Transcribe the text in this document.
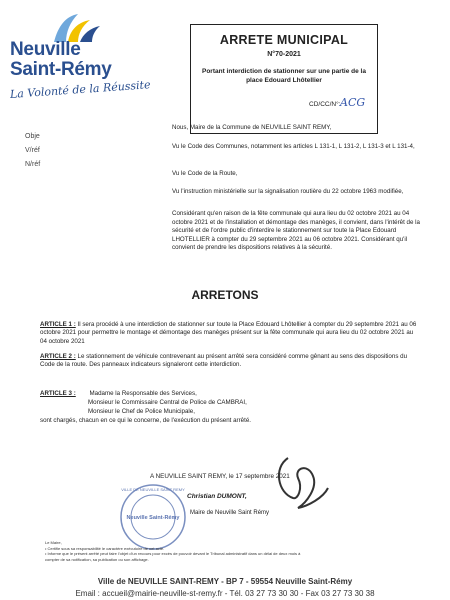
Neuville
Saint-Rémy
La Volonté de la Réussite
ARRETE MUNICIPAL
N°70-2021
Portant interdiction de stationner sur une partie de la place Edouard Lhôtellier
CD/CC/N°: ACG
Obje
V/réf
N/réf
Nous, Maire de la Commune de NEUVILLE SAINT REMY,
Vu le Code des Communes, notamment les articles L 131-1, L 131-2, L 131-3 et L 131-4,
Vu le Code de la Route,
Vu l'instruction ministérielle sur la signalisation routière du 22 octobre 1963 modifiée,
Considérant qu'en raison de la fête communale qui aura lieu du 02 octobre 2021 au 04 octobre 2021 et de l'installation et démontage des manèges, il convient, dans l'intérêt de la sécurité et de l'ordre public d'interdire le stationnement sur toute la Place Edouard LHOTELLIER à compter du 29 septembre 2021 au 06 octobre 2021. Considérant qu'il convient de prendre les dispositions relatives à la sécurité.
ARRETONS
ARTICLE 1 : Il sera procédé à une interdiction de stationner sur toute la Place Edouard Lhôtellier à compter du 29 septembre 2021 au 06 octobre 2021 pour permettre le montage et démontage des manèges présent sur la fête communale qui aura lieu du 02 octobre 2021 au 04 octobre 2021
ARTICLE 2 : Le stationnement de véhicule contrevenant au présent arrêté sera considéré comme gênant au sens des dispositions du Code de la route. Des panneaux indicateurs signaleront cette interdiction.
ARTICLE 3 : Madame la Responsable des Services,
Monsieur le Commissaire Central de Police de CAMBRAI,
Monsieur le Chef de Police Municipale,
sont chargés, chacun en ce qui le concerne, de l'exécution du présent arrêté.
A NEUVILLE SAINT REMY, le 17 septembre 2021
Christian DUMONT,
Neuville Saint-Rémy
VILLE DE NEUVILLE SAINT REMY
Maire de Neuville Saint Rémy
Le Maire,
• Certifie sous sa responsabilité le caractère exécutoire de cet acte.
• Informe que le présent arrêté peut faire l'objet d'un recours pour excès de pouvoir devant le Tribunal administratif dans un délai de deux mois à
compter de sa notification, sa publication ou son affichage.
Ville de NEUVILLE SAINT-REMY - BP 7 - 59554 Neuville Saint-Rémy
Email : accueil@mairie-neuville-st-remy.fr - Tél. 03 27 73 30 30 - Fax 03 27 73 30 38
